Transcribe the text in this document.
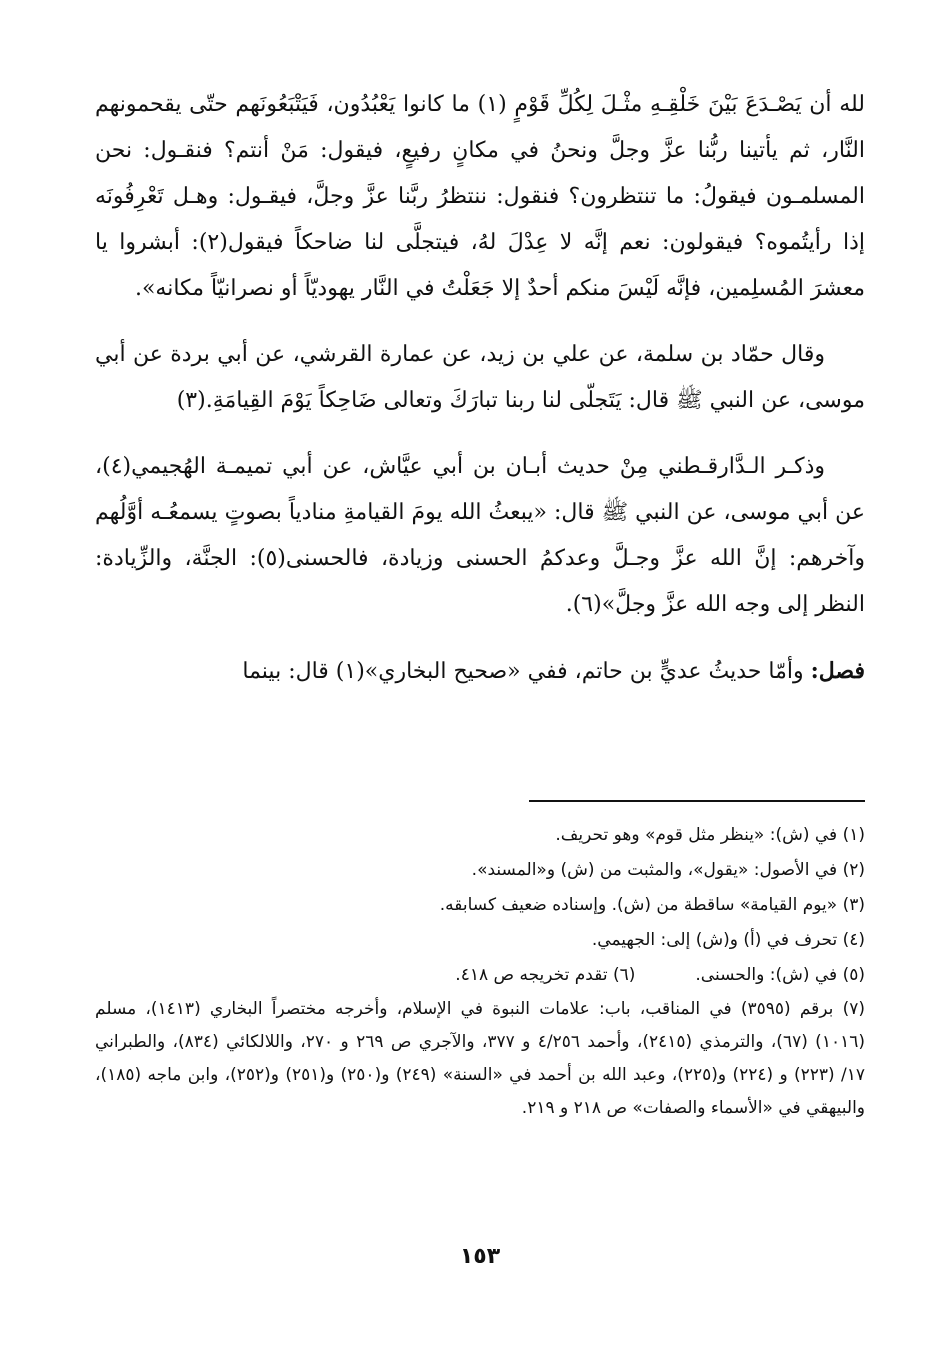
لله أن يَصْـدَعَ بَيْنَ خَلْقِـهِ مثْـلَ لِكُلِّ قَوْمٍ (١) ما كانوا يَعْبُدُون، فَيَتْبَعُونَهم حتّى يقحمونهم النَّار، ثم يأتينا ربُّنا عزَّ وجلَّ ونحنُ في مكانٍ رفيعٍ، فيقول: مَنْ أنتم؟ فنقـول: نحن المسلمـون فيقولُ: ما تنتظرون؟ فنقول: ننتظرُ ربَّنا عزَّ وجلَّ، فيقـول: وهـل تَعْرِفُونَه إذا رأيتُموه؟ فيقولون: نعم إنَّه لا عِدْلَ لهُ، فيتجلَّى لنا ضاحكاً فيقول(٢): أبشروا يا معشرَ المُسلِمين، فإنَّه لَيْسَ منكم أحدٌ إلا جَعَلْتُ في النَّار يهوديّاً أو نصرانيّاً مكانه».

وقال حمّاد بن سلمة، عن علي بن زيد، عن عمارة القرشي، عن أبي بردة عن أبي موسى، عن النبي ﷺ قال: يَتَجلّى لنا ربنا تبارَكَ وتعالى ضَاحِكاً يَوْمَ القِيامَةِ.(٣)

وذكـر الـدَّارقـطني مِنْ حديث أبـان بن أبي عيَّاش، عن أبي تميمـة الهُجيمي(٤)، عن أبي موسى، عن النبي ﷺ قال: «يبعثُ الله يومَ القيامةِ منادياً بصوتٍ يسمعُـه أوَّلُهم وآخرهم: إنَّ الله عزَّ وجـلَّ وعدكمُ الحسنى وزيادة، فالحسنى(٥): الجنَّة، والزِّيادة: النظر إلى وجه الله عزَّ وجلَّ»(٦).

فصل: وأمّا حديثُ عديٍّ بن حاتم، ففي «صحيح البخاري»(١) قال: بينما

(١) في (ش): «ينظر مثل قوم» وهو تحريف.

(٢) في الأصول: «يقول»، والمثبت من (ش) و«المسند».

(٣) «يوم القيامة» ساقطة من (ش). وإسناده ضعيف كسابقه.

(٤) تحرف في (أ) و(ش) إلى: الجهيمي.

(٥) في (ش): والحسنى.

(٦) تقدم تخريجه ص ٤١٨.

(٧) برقم (٣٥٩٥) في المناقب، باب: علامات النبوة في الإسلام، وأخرجه مختصراً البخاري (١٤١٣)، مسلم (١٠١٦) (٦٧)، والترمذي (٢٤١٥)، وأحمد ٤/٢٥٦ و ٣٧٧، والآجري ص ٢٦٩ و ٢٧٠، واللالكائي (٨٣٤)، والطبراني ١٧/ (٢٢٣) و (٢٢٤) و(٢٢٥)، وعبد الله بن أحمد في «السنة» (٢٤٩) و(٢٥٠) و(٢٥١) و(٢٥٢)، وابن ماجه (١٨٥)، والبيهقي في «الأسماء والصفات» ص ٢١٨ و ٢١٩.

١٥٣
